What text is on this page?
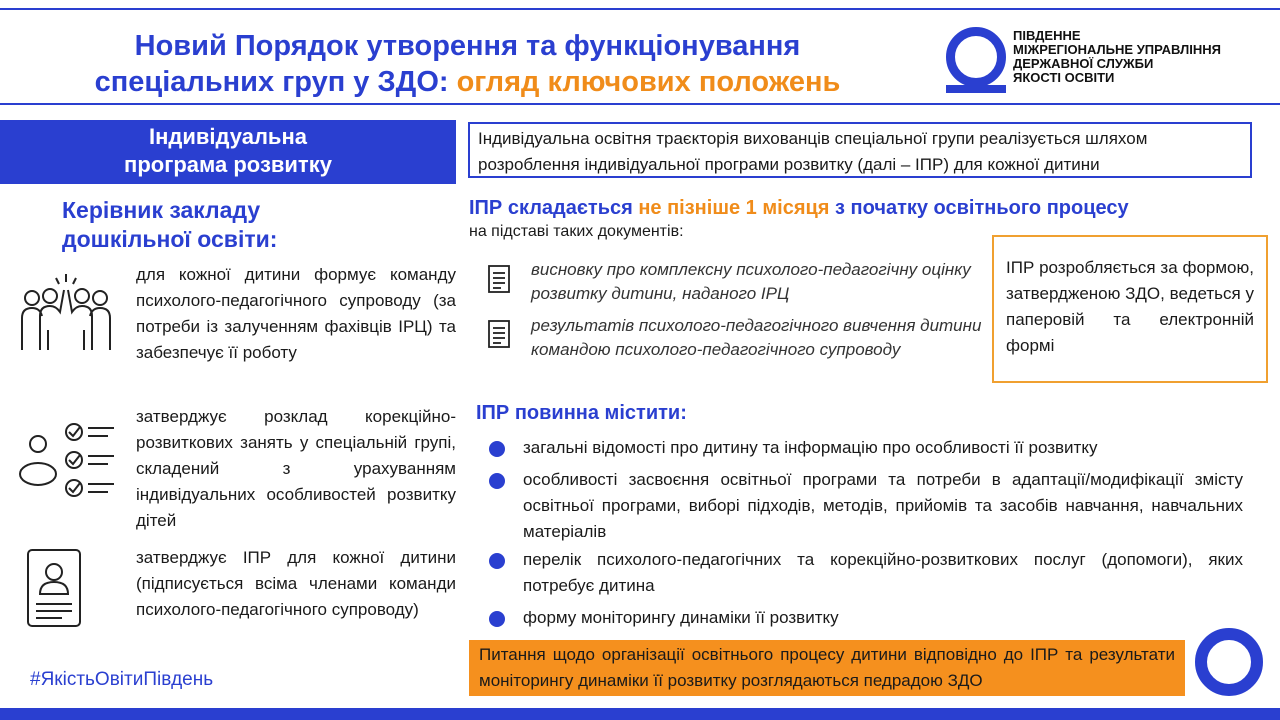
Новий Порядок утворення та функціонування
спеціальних груп у ЗДО: огляд ключових положень
ПІВДЕННЕ
МІЖРЕГІОНАЛЬНЕ УПРАВЛІННЯ
ДЕРЖАВНОЇ СЛУЖБИ
ЯКОСТІ ОСВІТИ
Індивідуальна
програма розвитку
Керівник закладу
дошкільної освіти:
для кожної дитини формує команду психолого-педагогічного супроводу (за потреби із залученням фахівців ІРЦ) та забезпечує її роботу
затверджує розклад корекційно-розвиткових занять у спеціальній групі, складений з урахуванням індивідуальних особливостей розвитку дітей
затверджує ІПР для кожної дитини (підписується всіма членами команди психолого-педагогічного супроводу)
#ЯкістьОвітиПівдень
Індивідуальна освітня траєкторія вихованців спеціальної групи реалізується шляхом розроблення індивідуальної програми розвитку (далі – ІПР) для кожної дитини
ІПР складається не пізніше 1 місяця з початку освітнього процесу
на підставі таких документів:
висновку про комплексну психолого-педагогічну оцінку розвитку дитини, наданого ІРЦ
результатів психолого-педагогічного вивчення дитини командою психолого-педагогічного супроводу
ІПР розробляється за формою, затвердженою ЗДО, ведеться у паперовій та електронній формі
ІПР повинна містити:
загальні відомості про дитину та інформацію про особливості її розвитку
особливості засвоєння освітньої програми та потреби в адаптації/модифікації змісту освітньої програми, виборі підходів, методів, прийомів та засобів навчання, навчальних матеріалів
перелік психолого-педагогічних та корекційно-розвиткових послуг (допомоги), яких потребує дитина
форму моніторингу динаміки її розвитку
Питання щодо організації освітнього процесу дитини відповідно до ІПР та результати моніторингу динаміки її розвитку розглядаються педрадою ЗДО
